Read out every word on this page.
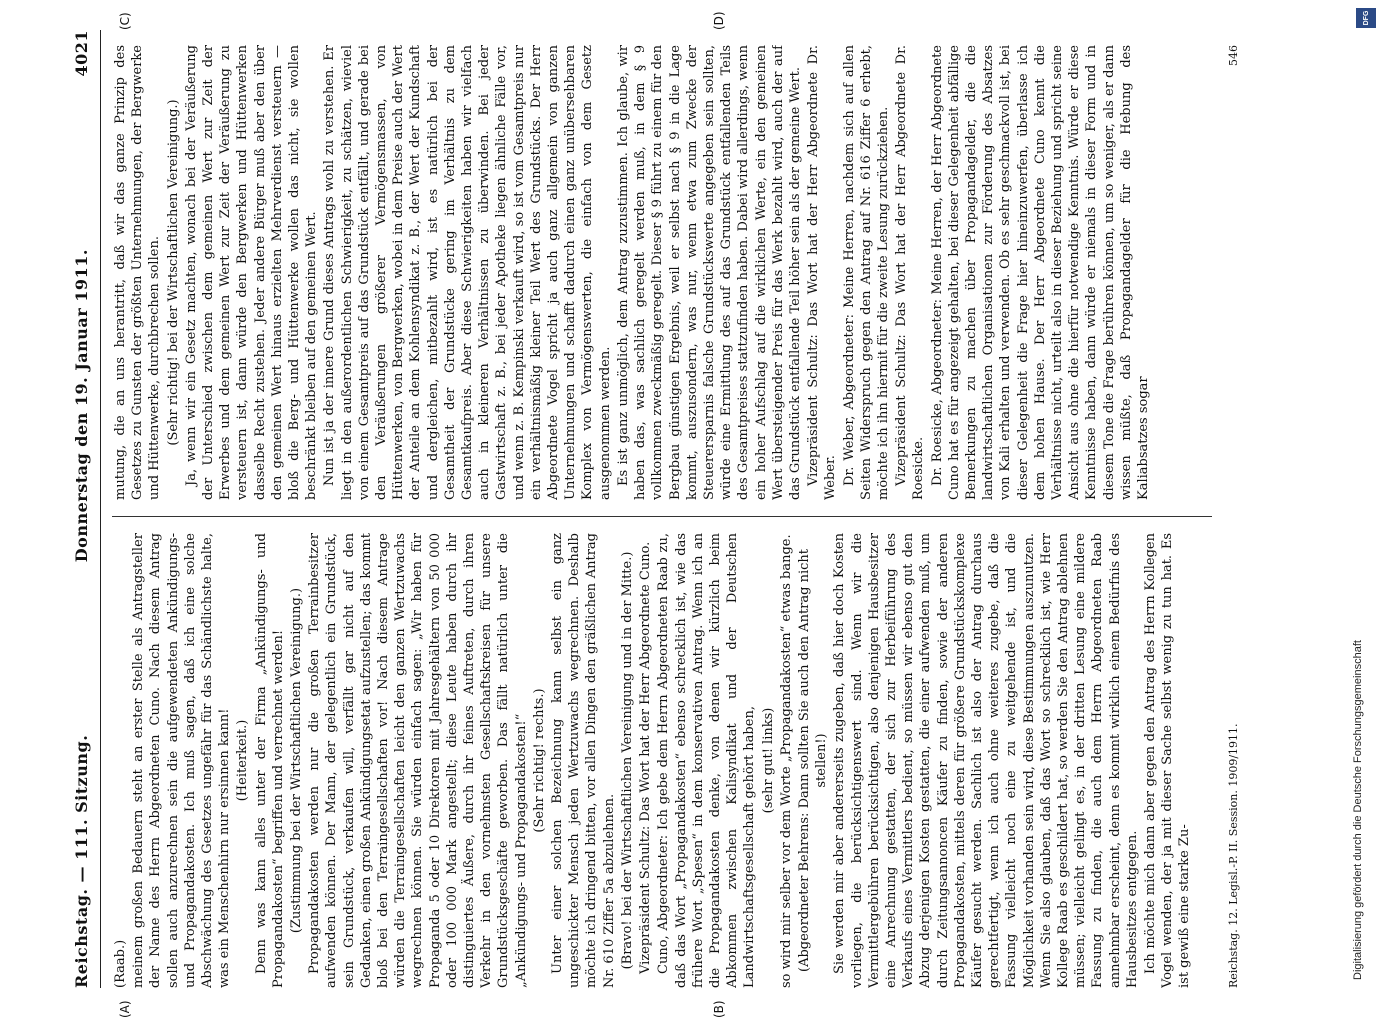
DFG
Digitalisierung gefördert durch die Deutsche Forschungsgemeinschaft
Reichstag. — 111. Sitzung.
Donnerstag den 19. Januar 1911.
4021
(A)	(B)
(C)	(D)

(Raab.) meinem großen Bedauern steht an erster Stelle als Antragsteller der Name des Herrn Abgeordneten Cuno. Nach diesem Antrag sollen auch anzurechnen sein die aufgewendeten Ankündigungs- und Propagandakosten. Ich muß sagen, daß ich eine solche Abschwächung des Gesetzes ungefähr für das Schändlichste halte, was ein Menschenhirn nur ersinnen kann! (Heiterkeit.) Denn was kann alles unter der Firma „Ankündigungs- und Propagandakosten“ begriffen und verrechnet werden! (Zustimmung bei der Wirtschaftlichen Vereinigung.) Propagandakosten werden nur die großen Terrainbesitzer aufwenden können. Der Mann, der gelegentlich ein Grundstück, sein Grundstück, verkaufen will, verfällt gar nicht auf den Gedanken, einen großen Ankündigungsetat aufzustellen; das kommt bloß bei den Terraingesellschaften vor! Nach diesem Antrage würden die Terraingesellschaften leicht den ganzen Wertzuwachs wegrechnen können. Sie würden einfach sagen: „Wir haben für Propaganda 5 oder 10 Direktoren mit Jahresgehältern von 50 000 oder 100 000 Mark angestellt; diese Leute haben durch ihr distinguiertes Äußere, durch ihr feines Auftreten, durch ihren Verkehr in den vornehmsten Gesellschaftskreisen für unsere Grundstücksgeschäfte geworben. Das fällt natürlich unter die „Ankündigungs- und Propagandakosten!“ (Sehr richtig! rechts.) Unter einer solchen Bezeichnung kann selbst ein ganz ungeschickter Mensch jeden Wertzuwachs wegrechnen. Deshalb möchte ich dringend bitten, vor allen Dingen den gräßlichen Antrag Nr. 610 Ziffer 5a abzulehnen. (Bravo! bei der Wirtschaftlichen Vereinigung und in der Mitte.) Vizepräsident Schultz: Das Wort hat der Herr Abgeordnete Cuno. Cuno, Abgeordneter: Ich gebe dem Herrn Abgeordneten Raab zu, daß das Wort „Propagandakosten“ ebenso schrecklich ist, wie das frühere Wort „Spesen“ in dem konservativen Antrag. Wenn ich an die Propagandakosten denke, von denen wir kürzlich beim Abkommen zwischen Kalisyndikat und der Deutschen Landwirtschaftsgesellschaft gehört haben, (sehr gut! links) so wird mir selber vor dem Worte „Propagandakosten“ etwas bange. (Abgeordneter Behrens: Dann sollten Sie auch den Antrag nicht stellen!) Sie werden mir aber andererseits zugeben, daß hier doch Kosten vorliegen, die berücksichtigenswert sind. Wenn wir die Vermittlergebühren berücksichtigen, also denjenigen Hausbesitzer eine Anrechnung gestatten, der sich zur Herbeiführung des Verkaufs eines Vermittlers bedient, so müssen wir ebenso gut den Abzug derjenigen Kosten gestatten, die einer aufwenden muß, um durch Zeitungsannoncen Käufer zu finden, sowie der anderen Propagandakosten, mittels deren für größere Grundstückskomplexe Käufer gesucht werden. Sachlich ist also der Antrag durchaus gerechtfertigt, wenn ich auch ohne weiteres zugebe, daß die Fassung vielleicht noch eine zu weitgehende ist, und die Möglichkeit vorhanden sein wird, diese Bestimmungen auszunutzen. Wenn Sie also glauben, daß das Wort so schrecklich ist, wie Herr Kollege Raab es geschildert hat, so werden Sie den Antrag ablehnen müssen; vielleicht gelingt es, in der dritten Lesung eine mildere Fassung zu finden, die auch dem Herrn Abgeordneten Raab annehmbar erscheint, denn es kommt wirklich einem Bedürfnis des Hausbesitzes entgegen. Ich möchte mich dann aber gegen den Antrag des Herrn Kollegen Vogel wenden, der ja mit dieser Sache selbst wenig zu tun hat. Es ist gewiß eine starke Zu-

mutung, die an uns herantritt, daß wir das ganze Prinzip des Gesetzes zu Gunsten der größten Unternehmungen, der Bergwerke und Hüttenwerke, durchbrechen sollen. (Sehr richtig! bei der Wirtschaftlichen Vereinigung.) Ja, wenn wir ein Gesetz machten, wonach bei der Veräußerung der Unterschied zwischen dem gemeinen Wert zur Zeit der Erwerbes und dem gemeinen Wert zur Zeit der Veräußerung zu versteuern ist, dann würde den Bergwerken und Hüttenwerken dasselbe Recht zustehen. Jeder andere Bürger muß aber den über den gemeinen Wert hinaus erzielten Mehrverdienst versteuern — bloß die Berg- und Hüttenwerke wollen das nicht, sie wollen beschränkt bleiben auf den gemeinen Wert. Nun ist ja der innere Grund dieses Antrags wohl zu verstehen. Er liegt in den außerordentlichen Schwierigkeit, zu schätzen, wieviel von einem Gesamtpreis auf das Grundstück entfällt, und gerade bei den Veräußerungen größerer Vermögensmassen, von Hüttenwerken, von Bergwerken, wobei in dem Preise auch der Wert der Anteile an dem Kohlensyndikat z. B., der Wert der Kundschaft und dergleichen, mitbezahlt wird, ist es natürlich bei der Gesamtheit der Grundstücke gering im Verhältnis zu dem Gesamtkaufpreis. Aber diese Schwierigkeiten haben wir vielfach auch in kleineren Verhältnissen zu überwinden. Bei jeder Gastwirtschaft z. B., bei jeder Apotheke liegen ähnliche Fälle vor, und wenn z. B. Kempinski verkauft wird, so ist vom Gesamtpreis nur ein verhältnismäßig kleiner Teil Wert des Grundstücks. Der Herr Abgeordnete Vogel spricht ja auch ganz allgemein von ganzen Unternehmungen und schafft dadurch einen ganz unübersehbaren Komplex von Vermögenswerten, die einfach von dem Gesetz ausgenommen werden. Es ist ganz unmöglich, dem Antrag zuzustimmen. Ich glaube, wir haben das, was sachlich geregelt werden muß, in dem § 9 vollkommen zweckmäßig geregelt. Dieser § 9 führt zu einem für den Bergbau günstigen Ergebnis, weil er selbst nach § 9 in die Lage kommt, auszusondern, was nur, wenn etwa zum Zwecke der Steuerersparnis falsche Grundstückswerte angegeben sein sollten, würde eine Ermittlung des auf das Grundstück entfallenden Teils des Gesamtpreises stattzufinden haben. Dabei wird allerdings, wenn ein hoher Aufschlag auf die wirklichen Werte, ein den gemeinen Wert übersteigender Preis für das Werk bezahlt wird, auch der auf das Grundstück entfallende Teil höher sein als der gemeine Wert. Vizepräsident Schultz: Das Wort hat der Herr Abgeordnete Dr. Weber. Dr. Weber, Abgeordneter: Meine Herren, nachdem sich auf allen Seiten Widerspruch gegen den Antrag auf Nr. 616 Ziffer 6 erhebt, möchte ich ihn hiermit für die zweite Lesung zurückziehen. Vizepräsident Schultz: Das Wort hat der Herr Abgeordnete Dr. Roesicke. Dr. Roesicke, Abgeordneter: Meine Herren, der Herr Abgeordnete Cuno hat es für angezeigt gehalten, bei dieser Gelegenheit abfällige Bemerkungen zu machen über Propagandagelder, die die landwirtschaftlichen Organisationen zur Förderung des Absatzes von Kali erhalten und verwenden. Ob es sehr geschmackvoll ist, bei dieser Gelegenheit die Frage hier hineinzuwerfen, überlasse ich dem hohen Hause. Der Herr Abgeordnete Cuno kennt die Verhältnisse nicht, urteilt also in dieser Beziehung und spricht seine Ansicht aus ohne die hierfür notwendige Kenntnis. Würde er diese Kenntnisse haben, dann würde er niemals in dieser Form und in diesem Tone die Frage berühren können, um so weniger, als er dann wissen müßte, daß Propagandagelder für die Hebung des Kaliabsatzes sogar

Reichstag. 12. Legisl.-P. II. Session. 1909/1911.
546
